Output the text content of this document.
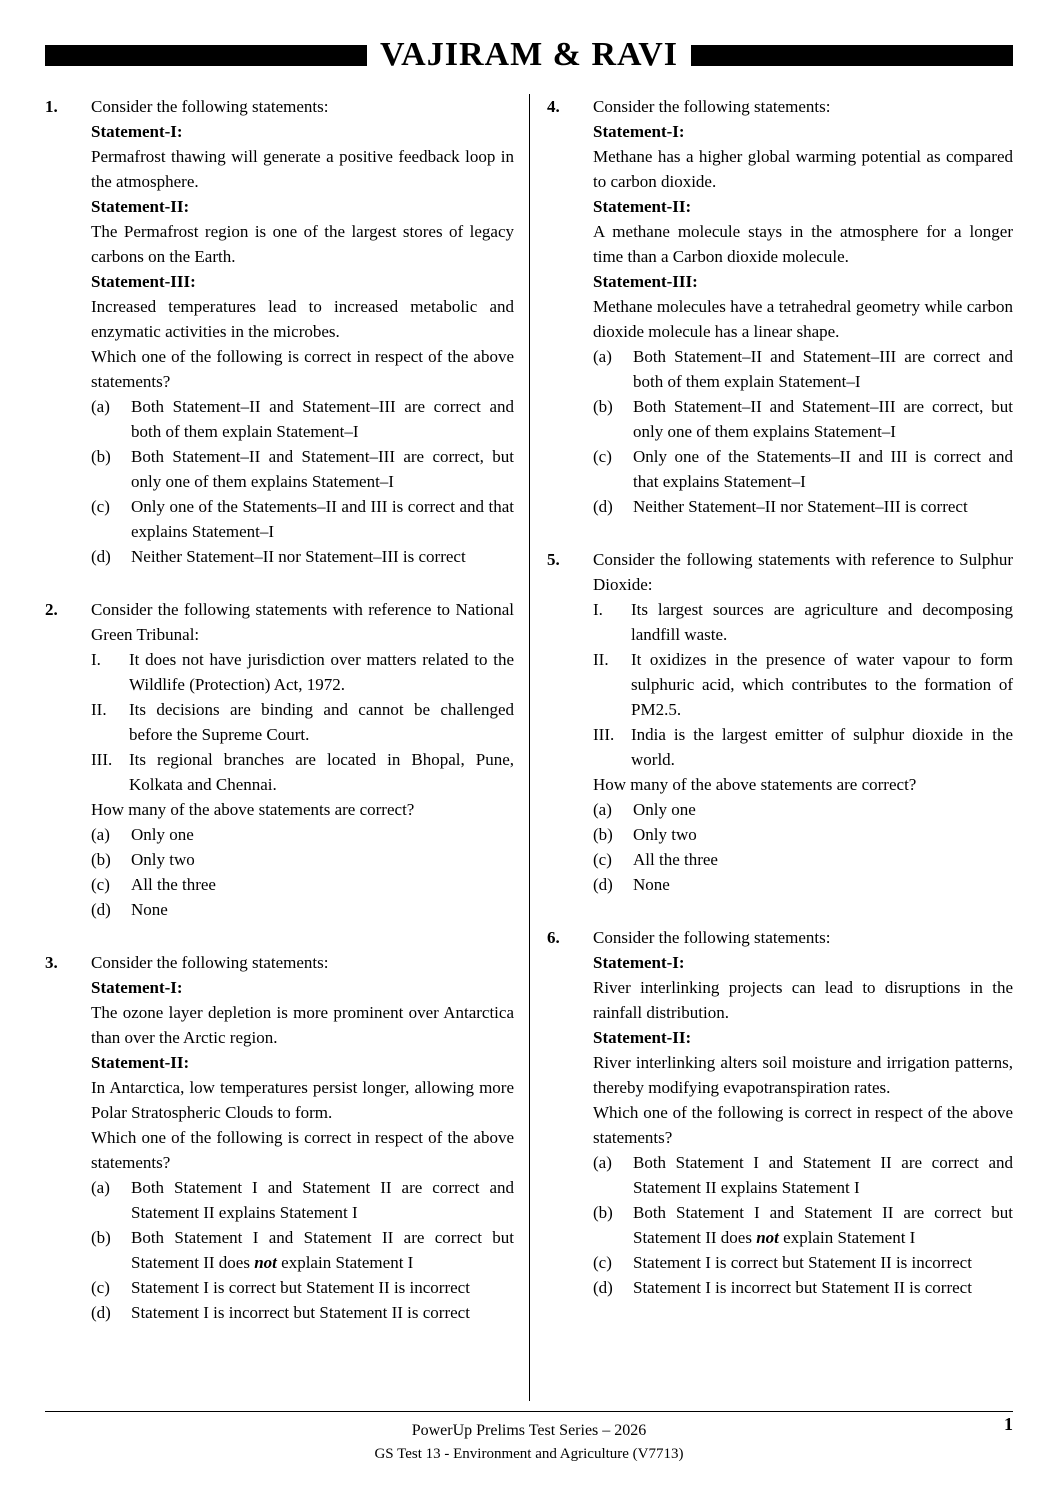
VAJIRAM & RAVI
1.	Consider the following statements:
Statement-I:
Permafrost thawing will generate a positive feedback loop in the atmosphere.
Statement-II:
The Permafrost region is one of the largest stores of legacy carbons on the Earth.
Statement-III:
Increased temperatures lead to increased metabolic and enzymatic activities in the microbes.
Which one of the following is correct in respect of the above statements?
(a)	Both Statement–II and Statement–III are correct and both of them explain Statement–I
(b)	Both Statement–II and Statement–III are correct, but only one of them explains Statement–I
(c)	Only one of the Statements–II and III is correct and that explains Statement–I
(d)	Neither Statement–II nor Statement–III is correct
2.	Consider the following statements with reference to National Green Tribunal:
I.	It does not have jurisdiction over matters related to the Wildlife (Protection) Act, 1972.
II.	Its decisions are binding and cannot be challenged before the Supreme Court.
III. Its regional branches are located in Bhopal, Pune, Kolkata and Chennai.
How many of the above statements are correct?
(a)	Only one
(b)	Only two
(c)	All the three
(d)	None
3.	Consider the following statements:
Statement-I:
The ozone layer depletion is more prominent over Antarctica than over the Arctic region.
Statement-II:
In Antarctica, low temperatures persist longer, allowing more Polar Stratospheric Clouds to form.
Which one of the following is correct in respect of the above statements?
(a)	Both Statement I and Statement II are correct and Statement II explains Statement I
(b)	Both Statement I and Statement II are correct but Statement II does not explain Statement I
(c)	Statement I is correct but Statement II is incorrect
(d)	Statement I is incorrect but Statement II is correct
4.	Consider the following statements:
Statement-I:
Methane has a higher global warming potential as compared to carbon dioxide.
Statement-II:
A methane molecule stays in the atmosphere for a longer time than a Carbon dioxide molecule.
Statement-III:
Methane molecules have a tetrahedral geometry while carbon dioxide molecule has a linear shape.
(a)	Both Statement–II and Statement–III are correct and both of them explain Statement–I
(b)	Both Statement–II and Statement–III are correct, but only one of them explains Statement–I
(c)	Only one of the Statements–II and III is correct and that explains Statement–I
(d)	Neither Statement–II nor Statement–III is correct
5.	Consider the following statements with reference to Sulphur Dioxide:
I.	Its largest sources are agriculture and decomposing landfill waste.
II.	It oxidizes in the presence of water vapour to form sulphuric acid, which contributes to the formation of PM2.5.
III. India is the largest emitter of sulphur dioxide in the world.
How many of the above statements are correct?
(a)	Only one
(b)	Only two
(c)	All the three
(d)	None
6.	Consider the following statements:
Statement-I:
River interlinking projects can lead to disruptions in the rainfall distribution.
Statement-II:
River interlinking alters soil moisture and irrigation patterns, thereby modifying evapotranspiration rates.
Which one of the following is correct in respect of the above statements?
(a)	Both Statement I and Statement II are correct and Statement II explains Statement I
(b)	Both Statement I and Statement II are correct but Statement II does not explain Statement I
(c)	Statement I is correct but Statement II is incorrect
(d)	Statement I is incorrect but Statement II is correct
PowerUp Prelims Test Series – 2026
GS Test 13 - Environment and Agriculture (V7713)
1
